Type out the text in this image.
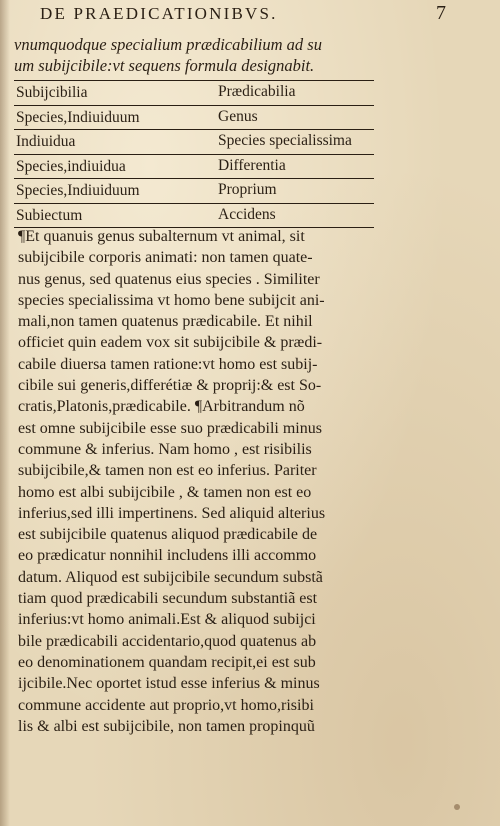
DE PRAEDICATIONIBVS.	7
vnumquodque specialium prædicabilium ad su
um subijcibile:vt sequens formula designabit.
Subijcibilia	Prædicabilia
Species,Indiuiduum	Genus
Indiuidua	Species specialissima
Species,indiuidua	Differentia
Species,Indiuiduum	Proprium
Subiectum	Accidens
¶Et quanuis genus subalternum vt animal, sit
subijcibile corporis animati: non tamen quate-
nus genus, sed quatenus eius species . Similiter
species specialissima vt homo bene subijcit ani-
mali,non tamen quatenus prædicabile. Et nihil
officiet quin eadem vox sit subijcibile & prædi-
cabile diuersa tamen ratione:vt homo est subij-
cibile sui generis,differétiæ & proprij:& est So-
cratis,Platonis,prædicabile. ¶Arbitrandum nõ
est omne subijcibile esse suo prædicabili minus
commune & inferius. Nam homo , est risibilis
subijcibile,& tamen non est eo inferius. Pariter
homo est albi subijcibile , & tamen non est eo
inferius,sed illi impertinens. Sed aliquid alterius
est subijcibile quatenus aliquod prædicabile de
eo prædicatur nonnihil includens illi accommo
datum. Aliquod est subijcibile secundum substã
tiam quod prædicabili secundum substantiã est
inferius:vt homo animali.Est & aliquod subijci
bile prædicabili accidentario,quod quatenus ab
eo denominationem quandam recipit,ei est sub
ijcibile.Nec oportet istud esse inferius & minus
commune accidente aut proprio,vt homo,risibi
lis & albi est subijcibile, non tamen propinquũ
